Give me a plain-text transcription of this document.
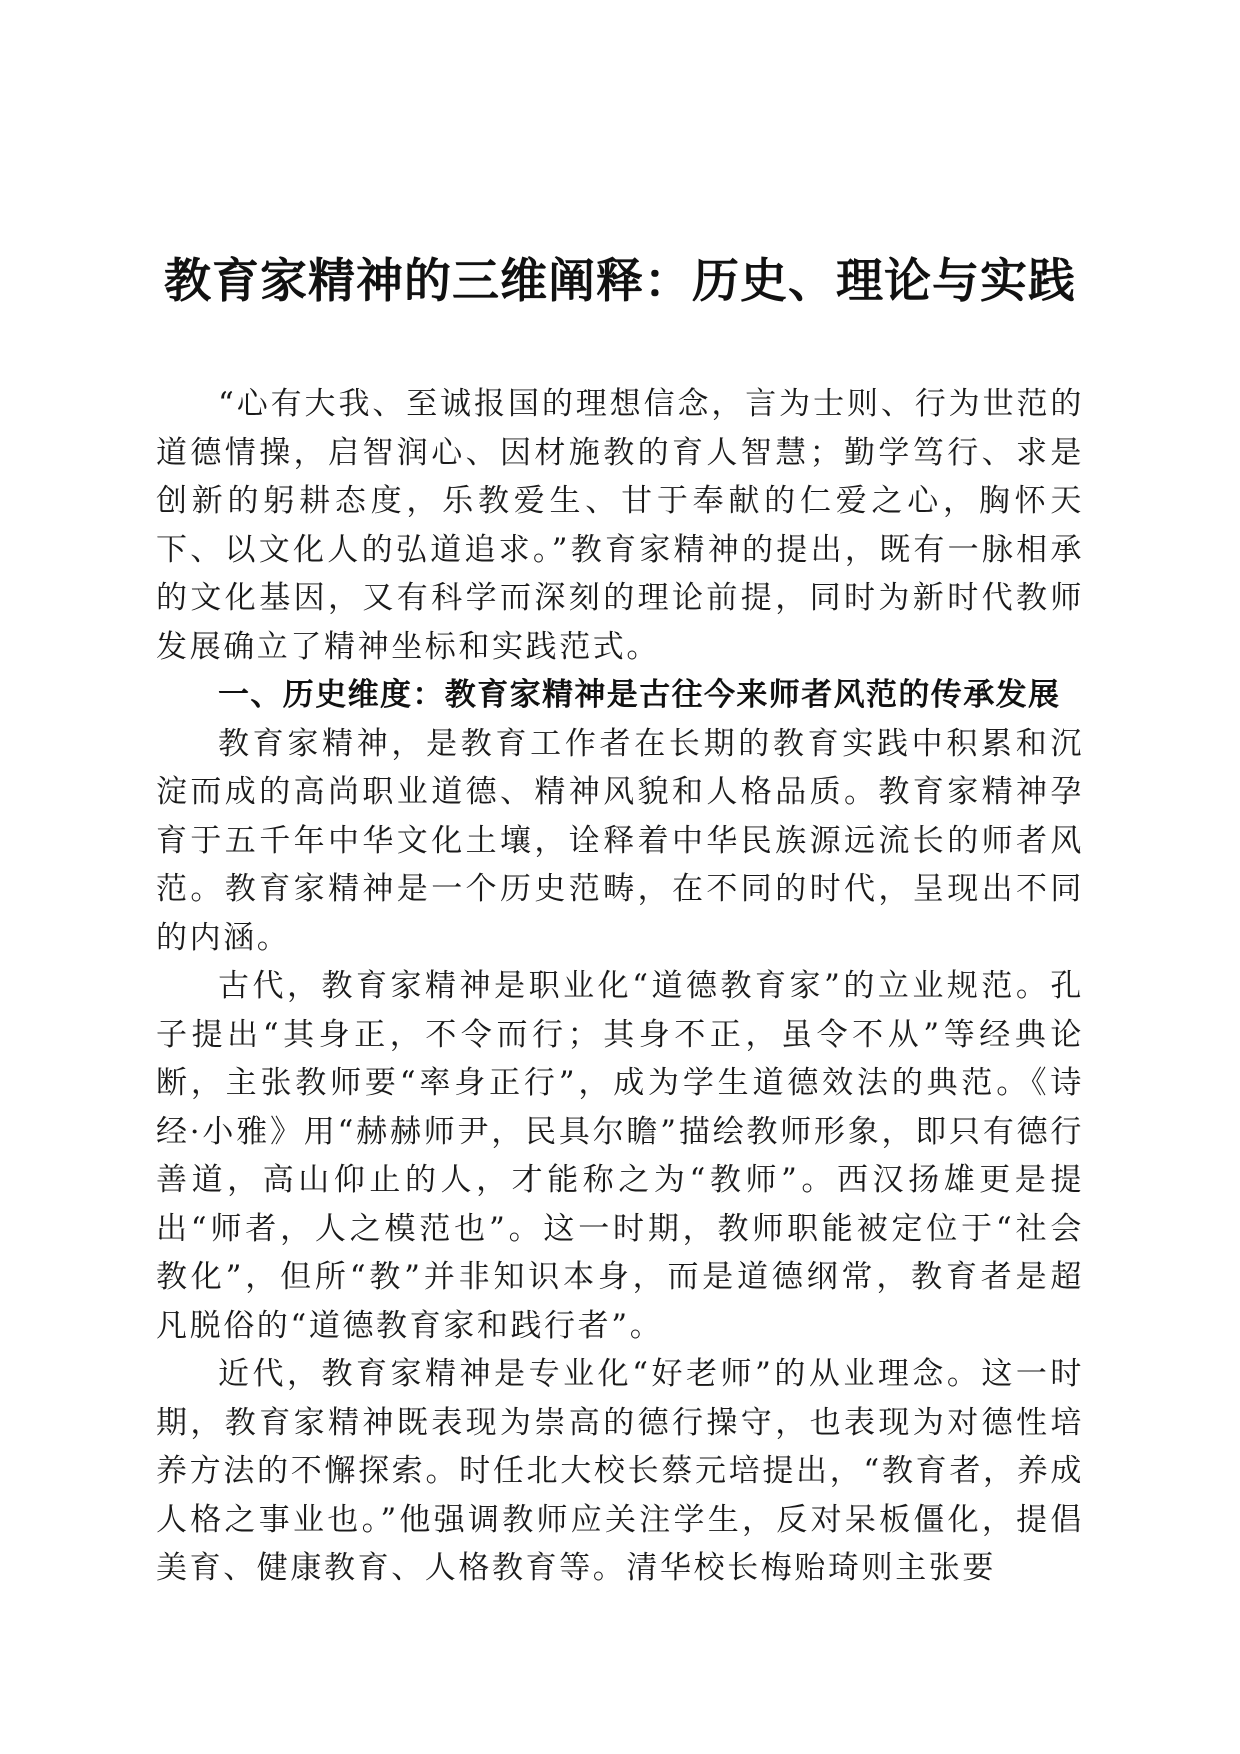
教育家精神的三维阐释：历史、理论与实践

“心有大我、至诚报国的理想信念，言为士则、行为世范的道德情操，启智润心、因材施教的育人智慧；勤学笃行、求是创新的躬耕态度，乐教爱生、甘于奉献的仁爱之心，胸怀天下、以文化人的弘道追求。”教育家精神的提出，既有一脉相承的文化基因，又有科学而深刻的理论前提，同时为新时代教师发展确立了精神坐标和实践范式。

一、历史维度：教育家精神是古往今来师者风范的传承发展

教育家精神，是教育工作者在长期的教育实践中积累和沉淀而成的高尚职业道德、精神风貌和人格品质。教育家精神孕育于五千年中华文化土壤，诠释着中华民族源远流长的师者风范。教育家精神是一个历史范畴，在不同的时代，呈现出不同的内涵。

古代，教育家精神是职业化“道德教育家”的立业规范。孔子提出“其身正，不令而行；其身不正，虽令不从”等经典论断，主张教师要“率身正行”，成为学生道德效法的典范。《诗经·小雅》用“赫赫师尹，民具尔瞻”描绘教师形象，即只有德行善道，高山仰止的人，才能称之为“教师”。西汉扬雄更是提出“师者，人之模范也”。这一时期，教师职能被定位于“社会教化”，但所“教”并非知识本身，而是道德纲常，教育者是超凡脱俗的“道德教育家和践行者”。

近代，教育家精神是专业化“好老师”的从业理念。这一时期，教育家精神既表现为崇高的德行操守，也表现为对德性培养方法的不懈探索。时任北大校长蔡元培提出，“教育者，养成人格之事业也。”他强调教师应关注学生，反对呆板僵化，提倡美育、健康教育、人格教育等。清华校长梅贻琦则主张要
